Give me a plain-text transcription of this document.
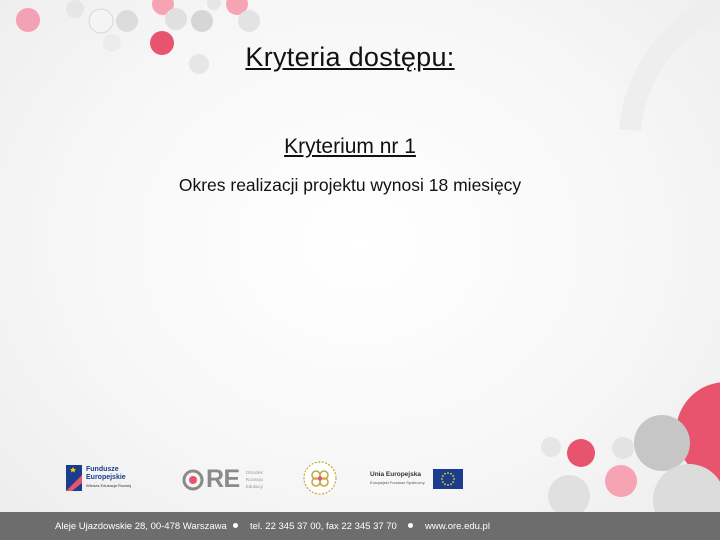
Kryteria dostępu:
Kryterium nr 1
Okres realizacji projektu wynosi 18 miesięcy
Fundusze
Europejskie
Wiedza Edukacja Rozwój	RE Ośrodek
Rozwoju
Edukacji
Unia Europejska
Europejski Fundusz Społeczny
Aleje Ujazdowskie 28, 00-478 Warszawa tel. 22 345 37 00, fax 22 345 37 70	www.ore.edu.pl
